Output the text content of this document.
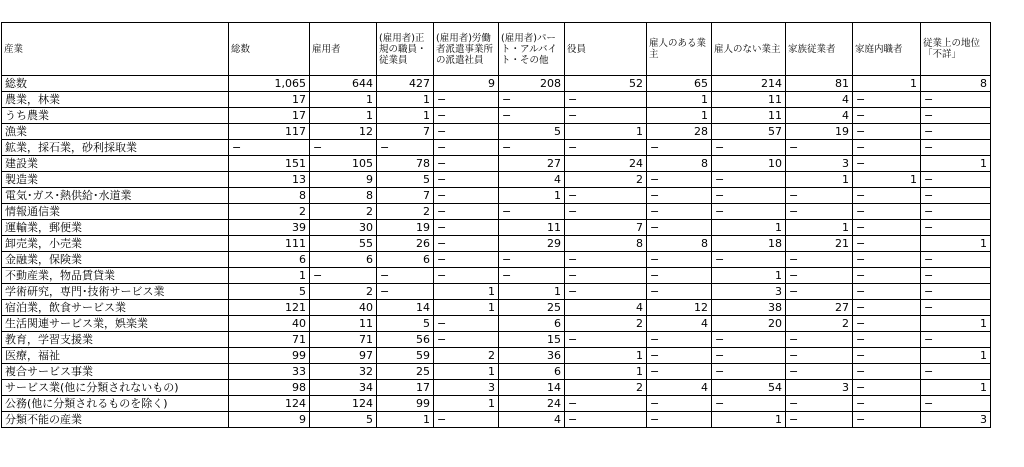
産業	総数	雇用者	(雇用者)正規の職員・従業員	(雇用者)労働者派遣事業所の派遣社員	(雇用者)パート・アルバイト・その他	役員	雇人のある業主	雇人のない業主	家族従業者	家庭内職者	従業上の地位「不詳」
総数	1,065	644	427	9	208	52	65	214	81	1	8
農業，林業	17	1	1	−	−	−	1	11	4	−	−
うち農業	17	1	1	−	−	−	1	11	4	−	−
漁業	117	12	7	−	5	1	28	57	19	−	−
鉱業，採石業，砂利採取業	−	−	−	−	−	−	−	−	−	−	−
建設業	151	105	78	−	27	24	8	10	3	−	1
製造業	13	9	5	−	4	2	−	−	1	1	−
電気･ガス･熱供給･水道業	8	8	7	−	1	−	−	−	−	−	−
情報通信業	2	2	2	−	−	−	−	−	−	−	−
運輸業，郵便業	39	30	19	−	11	7	−	1	1	−	−
卸売業，小売業	111	55	26	−	29	8	8	18	21	−	1
金融業，保険業	6	6	6	−	−	−	−	−	−	−	−
不動産業，物品賃貸業	1	−	−	−	−	−	−	1	−	−	−
学術研究，専門･技術サービス業	5	2	−	1	1	−	−	3	−	−	−
宿泊業，飲食サービス業	121	40	14	1	25	4	12	38	27	−	−
生活関連サービス業，娯楽業	40	11	5	−	6	2	4	20	2	−	1
教育，学習支援業	71	71	56	−	15	−	−	−	−	−	−
医療，福祉	99	97	59	2	36	1	−	−	−	−	1
複合サービス事業	33	32	25	1	6	1	−	−	−	−	−
サービス業(他に分類されないもの)	98	34	17	3	14	2	4	54	3	−	1
公務(他に分類されるものを除く)	124	124	99	1	24	−	−	−	−	−	−
分類不能の産業	9	5	1	−	4	−	−	1	−	−	3
